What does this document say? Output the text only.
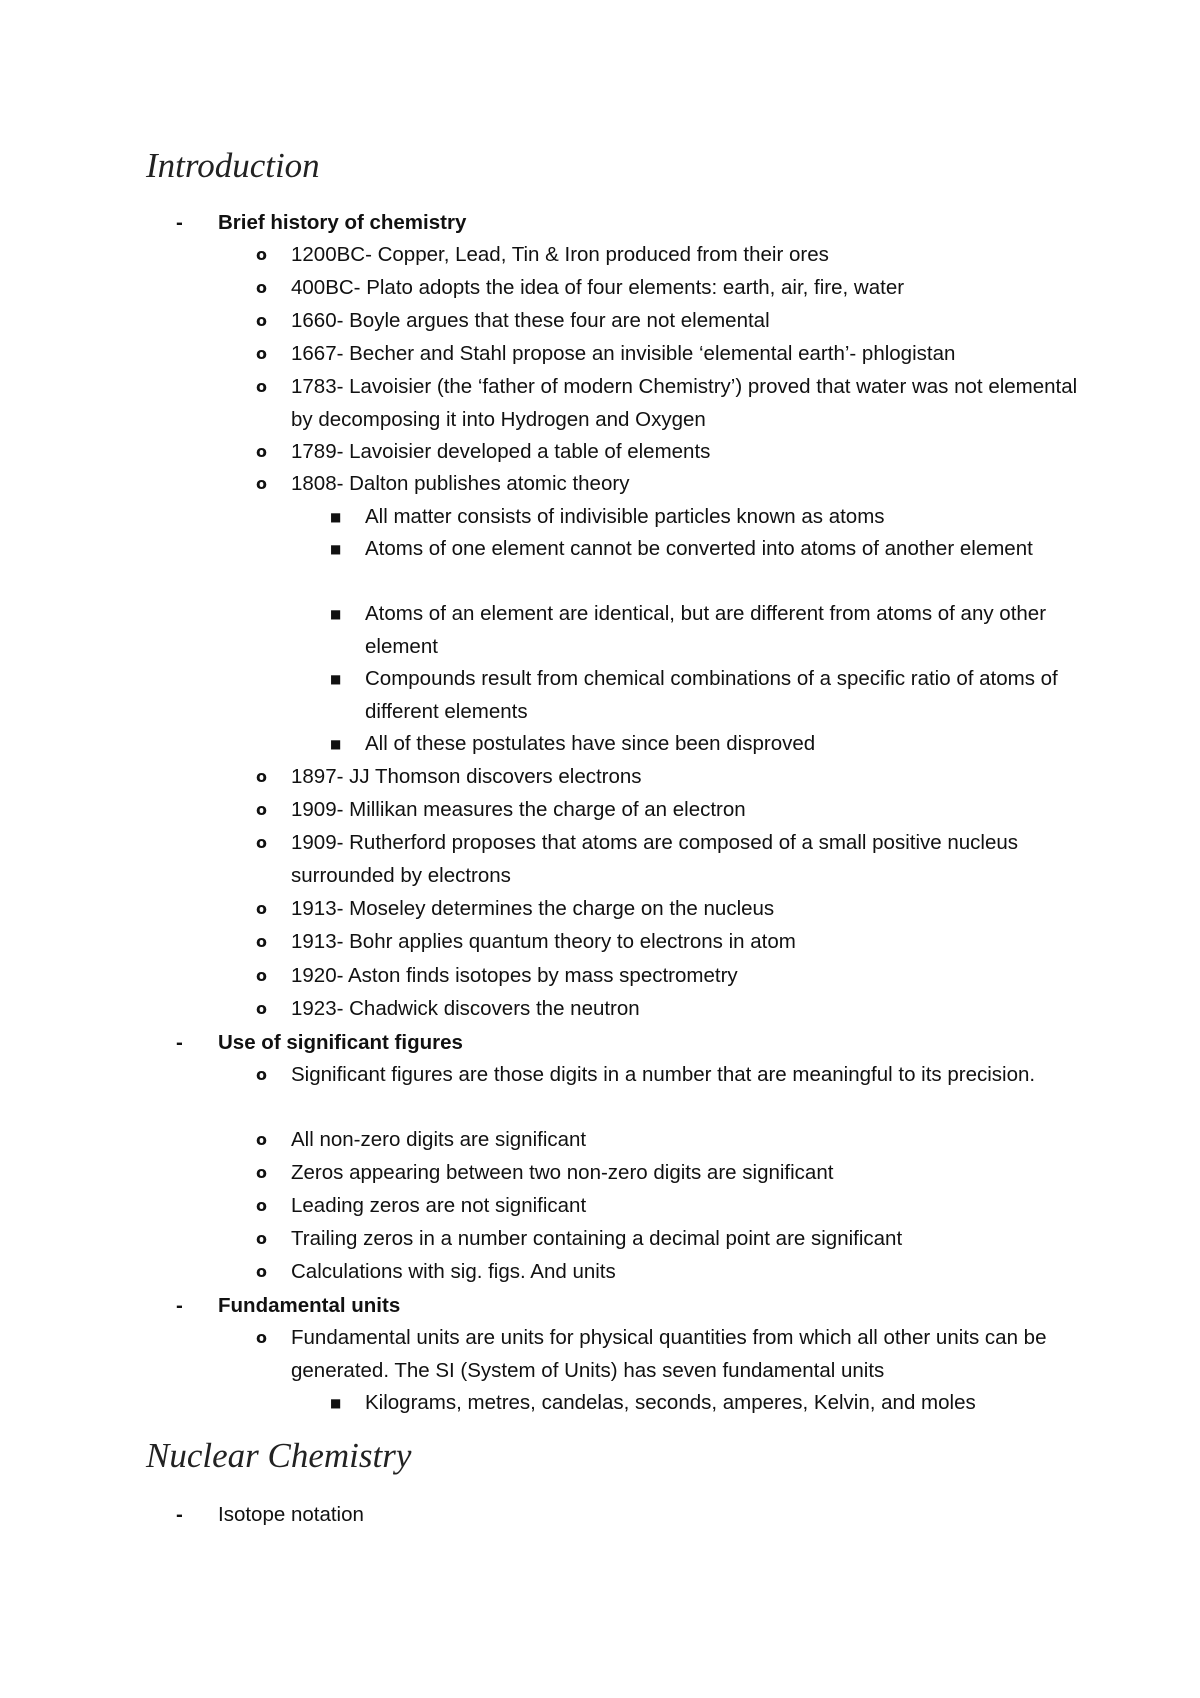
Introduction
- Brief history of chemistry
o 1200BC- Copper, Lead, Tin & Iron produced from their ores
o 400BC- Plato adopts the idea of four elements: earth, air, fire, water
o 1660- Boyle argues that these four are not elemental
o 1667- Becher and Stahl propose an invisible ‘elemental earth’- phlogistan
o 1783- Lavoisier (the ‘father of modern Chemistry’) proved that water was not elemental by decomposing it into Hydrogen and Oxygen
o 1789- Lavoisier developed a table of elements
o 1808- Dalton publishes atomic theory
■ All matter consists of indivisible particles known as atoms
■ Atoms of one element cannot be converted into atoms of another element
■ Atoms of an element are identical, but are different from atoms of any other element
■ Compounds result from chemical combinations of a specific ratio of atoms of different elements
■ All of these postulates have since been disproved
o 1897- JJ Thomson discovers electrons
o 1909- Millikan measures the charge of an electron
o 1909- Rutherford proposes that atoms are composed of a small positive nucleus surrounded by electrons
o 1913- Moseley determines the charge on the nucleus
o 1913- Bohr applies quantum theory to electrons in atom
o 1920- Aston finds isotopes by mass spectrometry
o 1923- Chadwick discovers the neutron
- Use of significant figures
o Significant figures are those digits in a number that are meaningful to its precision.
o All non-zero digits are significant
o Zeros appearing between two non-zero digits are significant
o Leading zeros are not significant
o Trailing zeros in a number containing a decimal point are significant
o Calculations with sig. figs. And units
- Fundamental units
o Fundamental units are units for physical quantities from which all other units can be generated. The SI (System of Units) has seven fundamental units
■ Kilograms, metres, candelas, seconds, amperes, Kelvin, and moles
Nuclear Chemistry
- Isotope notation
